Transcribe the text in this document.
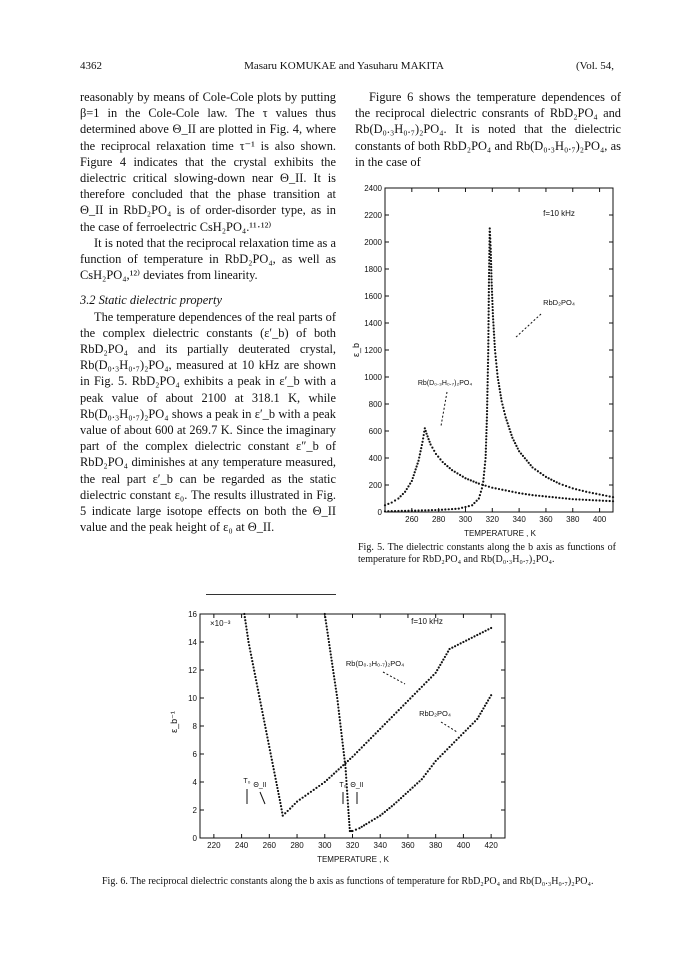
4362	Masaru KOMUKAE and Yasuharu MAKITA	(Vol. 54,

reasonably by means of Cole-Cole plots by putting β=1 in the Cole-Cole law. The τ values thus determined above Θ_II are plotted in Fig. 4, where the reciprocal relaxation time τ⁻¹ is also shown. Figure 4 indicates that the crystal exhibits the dielectric critical slowing-down near Θ_II. It is therefore concluded that the phase transition at Θ_II in RbD₂PO₄ is of order-disorder type, as in the case of ferroelectric CsH₂PO₄.¹¹·¹²⁾

It is noted that the reciprocal relaxation time as a function of temperature in RbD₂PO₄, as well as CsH₂PO₄,¹²⁾ deviates from linearity.

3.2 Static dielectric property

The temperature dependences of the real parts of the complex dielectric constants (ε′_b) of both RbD₂PO₄ and its partially deuterated crystal, Rb(D₀.₃H₀.₇)₂PO₄, measured at 10 kHz are shown in Fig. 5. RbD₂PO₄ exhibits a peak in ε′_b with a peak value of about 2100 at 318.1 K, while Rb(D₀.₃H₀.₇)₂PO₄ shows a peak in ε′_b with a peak value of about 600 at 269.7 K. Since the imaginary part of the complex dielectric constant ε″_b of RbD₂PO₄ diminishes at any temperature measured, the real part ε′_b can be regarded as the static dielectric constant ε₀. The results illustrated in Fig. 5 indicate large isotope effects on both the Θ_II value and the peak height of ε₀ at Θ_II.

Figure 6 shows the temperature dependences of the reciprocal dielectric consrants of RbD₂PO₄ and Rb(D₀.₃H₀.₇)₂PO₄. It is noted that the dielectric constants of both RbD₂PO₄ and Rb(D₀.₃H₀.₇)₂PO₄, as in the case of

260 280 300 320 340 360 380 400
0
200
400
600
800
1000
1200
1400
1600
1800
2000
2200
2400
f=10 kHz
RbD₂PO₄
Rb(D₀.₃H₀.₇)₂PO₄
ε_b
TEMPERATURE , K
Fig. 5. The dielectric constants along the b axis as functions of temperature for RbD₂PO₄ and Rb(D₀.₃H₀.₇)₂PO₄.
220 240 260 280 300 320 340 360 380 400 420
0
2
4
6
8
10
12
14
16
×10⁻³	f=10 kHz
Rb(D₀.₃H₀.₇)₂PO₄
RbD₂PO₄
T₀
Θ_II	T₀ Θ_II
ε_b⁻¹
TEMPERATURE , K
Fig. 6. The reciprocal dielectric constants along the b axis as functions of temperature for RbD₂PO₄ and Rb(D₀.₃H₀.₇)₂PO₄.
